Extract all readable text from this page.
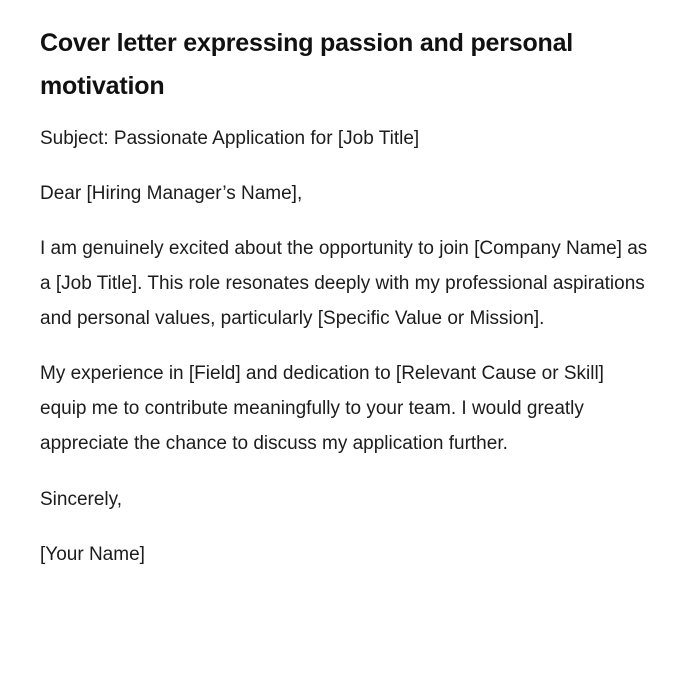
Cover letter expressing passion and personal motivation

Subject: Passionate Application for [Job Title]

Dear [Hiring Manager’s Name],

I am genuinely excited about the opportunity to join [Company Name] as a [Job Title]. This role resonates deeply with my professional aspirations and personal values, particularly [Specific Value or Mission].

My experience in [Field] and dedication to [Relevant Cause or Skill] equip me to contribute meaningfully to your team. I would greatly appreciate the chance to discuss my application further.

Sincerely,

[Your Name]
